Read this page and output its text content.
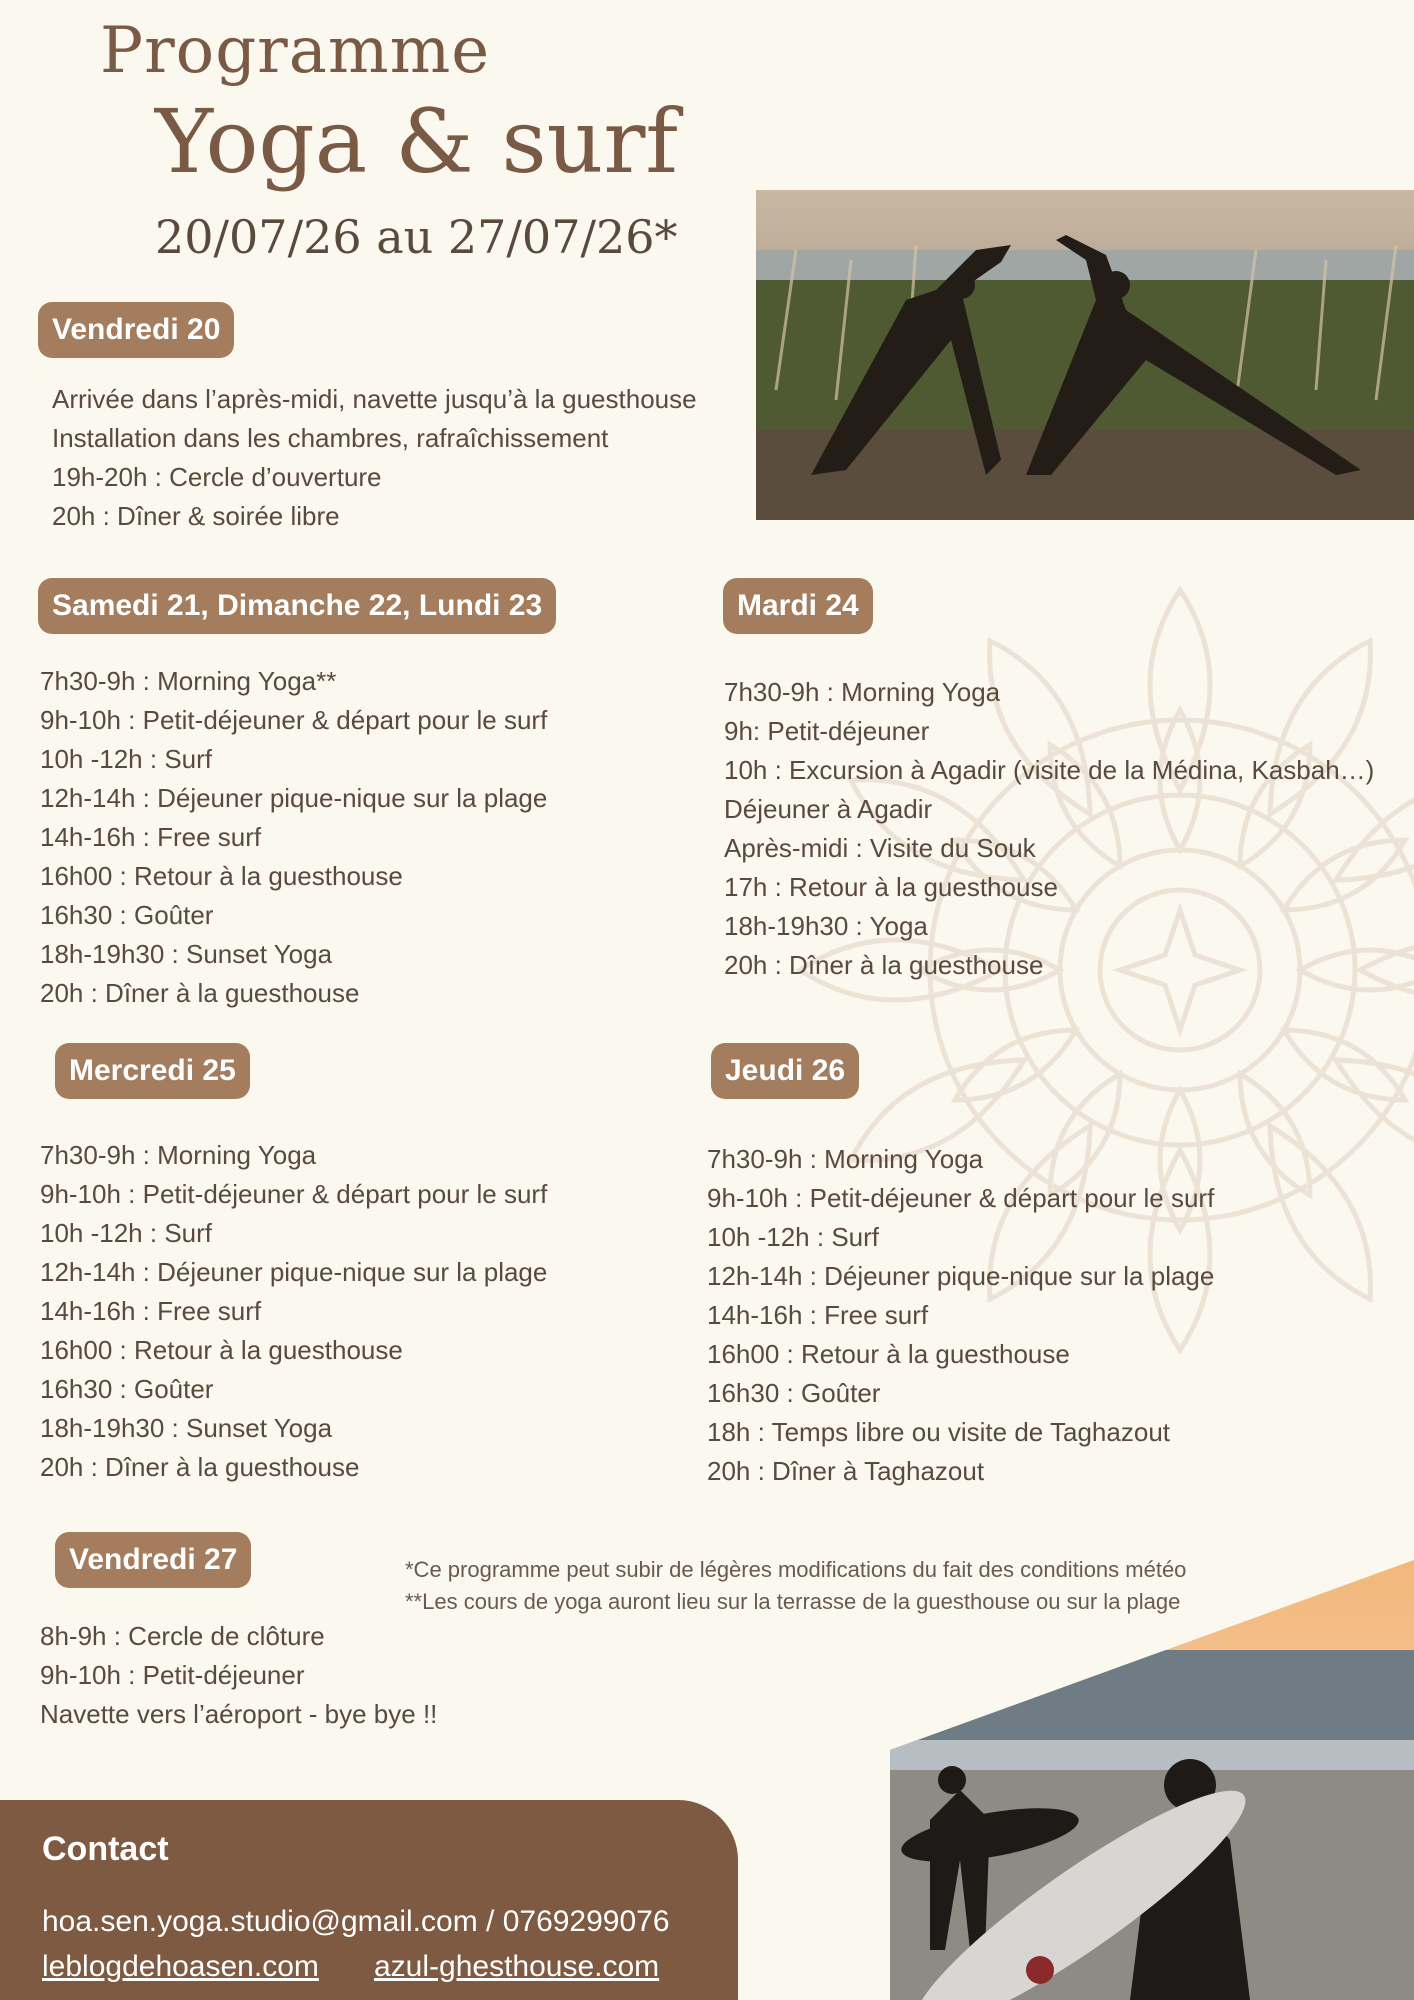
Programme
Yoga & surf
20/07/26 au 27/07/26*
Vendredi 20
Arrivée dans l’après-midi, navette jusqu’à la guesthouse
Installation dans les chambres, rafraîchissement
19h-20h : Cercle d’ouverture
20h : Dîner & soirée libre
Samedi 21, Dimanche 22, Lundi 23
7h30-9h : Morning Yoga**
9h-10h : Petit-déjeuner & départ pour le surf
10h -12h : Surf
12h-14h : Déjeuner pique-nique sur la plage
14h-16h : Free surf
16h00 : Retour à la guesthouse
16h30 : Goûter
18h-19h30 : Sunset Yoga
20h : Dîner à la guesthouse
Mardi 24
7h30-9h : Morning Yoga
9h: Petit-déjeuner
10h : Excursion à Agadir (visite de la Médina, Kasbah…)
Déjeuner à Agadir
Après-midi : Visite du Souk
17h : Retour à la guesthouse
18h-19h30 : Yoga
20h : Dîner à la guesthouse
Mercredi 25
7h30-9h : Morning Yoga
9h-10h : Petit-déjeuner & départ pour le surf
10h -12h : Surf
12h-14h : Déjeuner pique-nique sur la plage
14h-16h : Free surf
16h00 : Retour à la guesthouse
16h30 : Goûter
18h-19h30 : Sunset Yoga
20h : Dîner à la guesthouse
Jeudi 26
7h30-9h : Morning Yoga
9h-10h : Petit-déjeuner & départ pour le surf
10h -12h : Surf
12h-14h : Déjeuner pique-nique sur la plage
14h-16h : Free surf
16h00 : Retour à la guesthouse
16h30 : Goûter
18h : Temps libre ou visite de Taghazout
20h : Dîner à Taghazout
Vendredi 27
8h-9h : Cercle de clôture
9h-10h : Petit-déjeuner
Navette vers l’aéroport - bye bye !!
*Ce programme peut subir de légères modifications du fait des conditions météo
**Les cours de yoga auront lieu sur la terrasse de la guesthouse ou sur la plage
Contact
hoa.sen.yoga.studio@gmail.com / 0769299076
leblogdehoasen.com azul-ghesthouse.com
